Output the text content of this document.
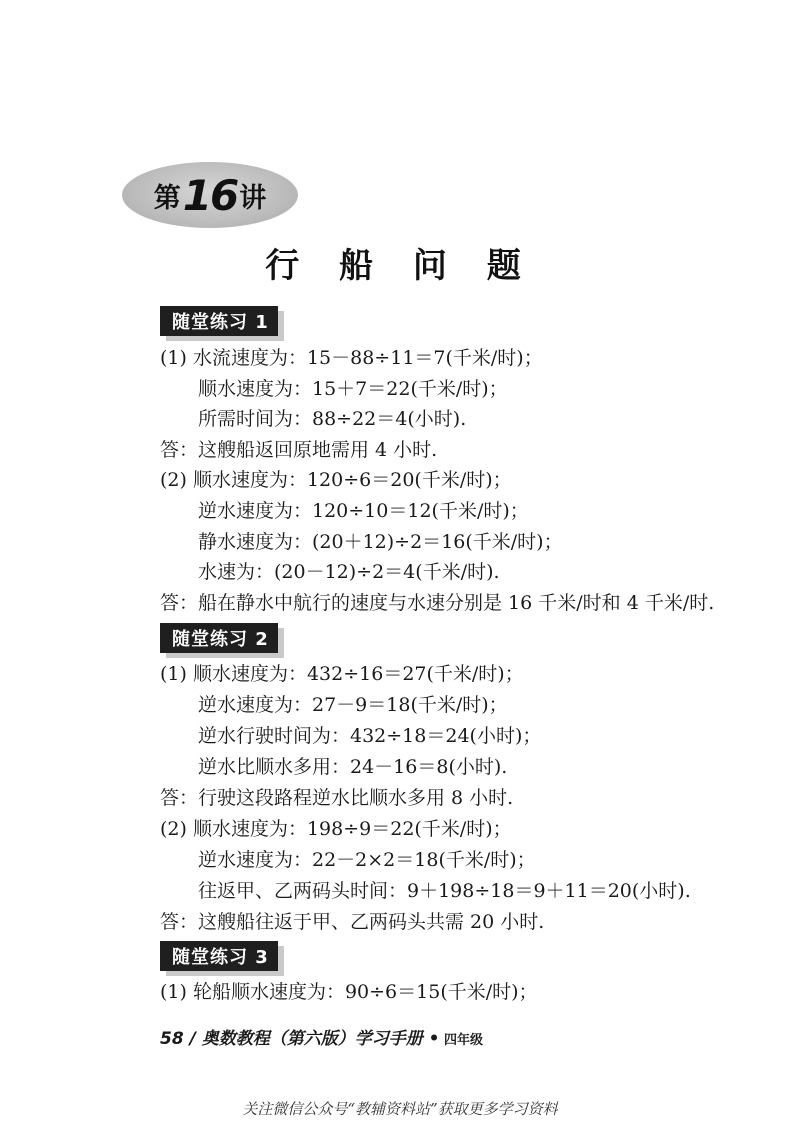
第 16 讲
行 船 问 题
随堂练习 1
(1) 水流速度为：15－88÷11＝7(千米/时)；
顺水速度为：15＋7＝22(千米/时)；
所需时间为：88÷22＝4(小时).
答：这艘船返回原地需用 4 小时.
(2) 顺水速度为：120÷6＝20(千米/时)；
逆水速度为：120÷10＝12(千米/时)；
静水速度为：(20＋12)÷2＝16(千米/时)；
水速为：(20－12)÷2＝4(千米/时).
答：船在静水中航行的速度与水速分别是 16 千米/时和 4 千米/时.
随堂练习 2
(1) 顺水速度为：432÷16＝27(千米/时)；
逆水速度为：27－9＝18(千米/时)；
逆水行驶时间为：432÷18＝24(小时)；
逆水比顺水多用：24－16＝8(小时).
答：行驶这段路程逆水比顺水多用 8 小时.
(2) 顺水速度为：198÷9＝22(千米/时)；
逆水速度为：22－2×2＝18(千米/时)；
往返甲、乙两码头时间：9＋198÷18＝9＋11＝20(小时).
答：这艘船往返于甲、乙两码头共需 20 小时.
随堂练习 3
(1) 轮船顺水速度为：90÷6＝15(千米/时)；
58 / 奥数教程（第六版）学习手册 • 四年级
关注微信公众号“教辅资料站”获取更多学习资料
